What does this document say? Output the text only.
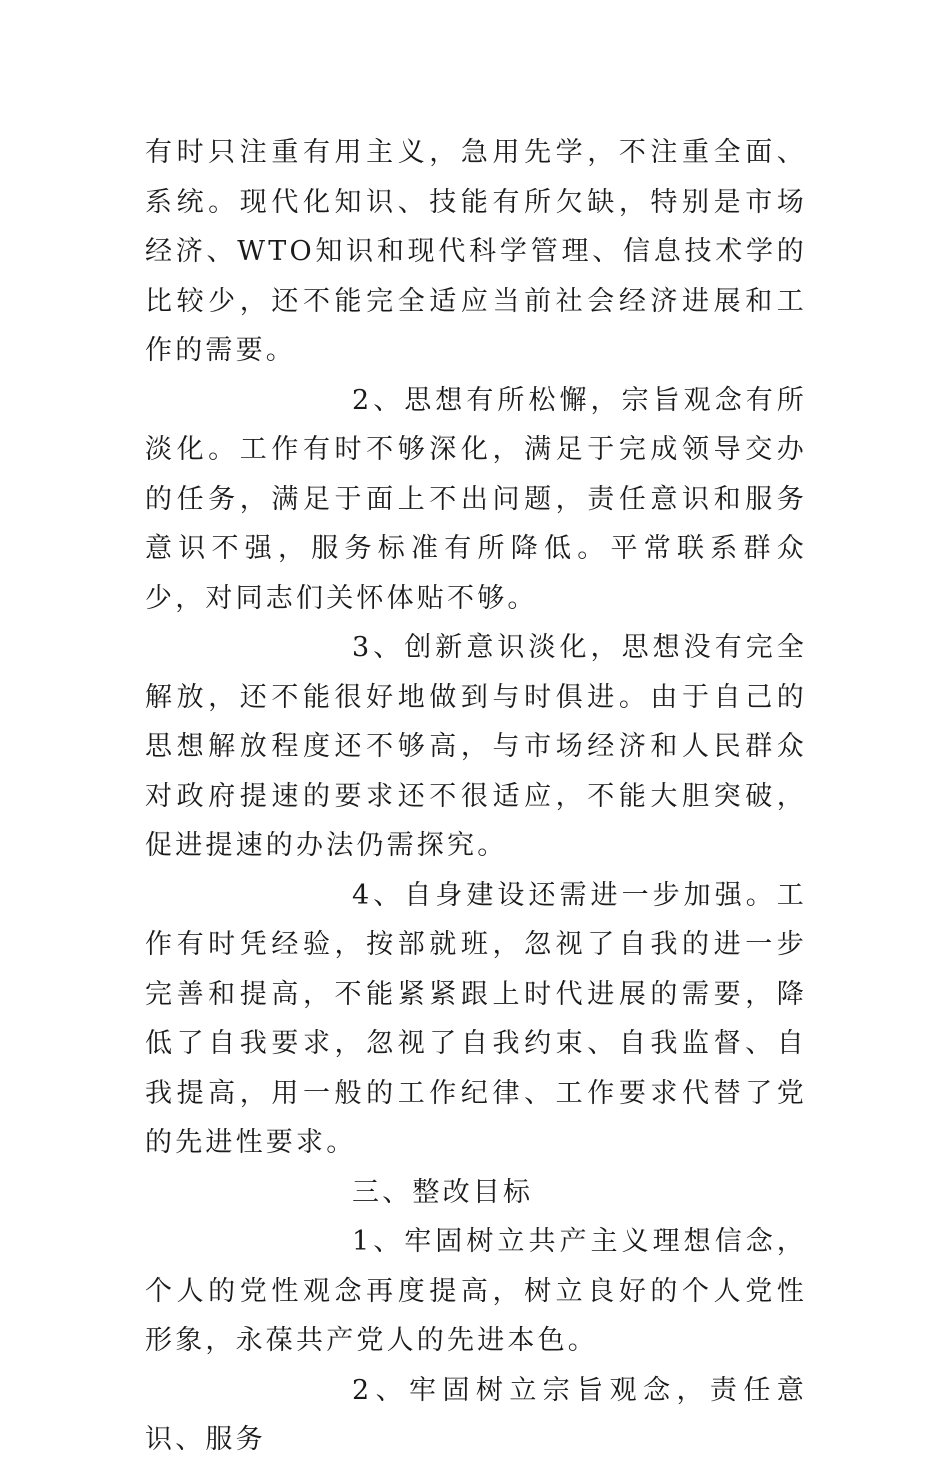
有时只注重有用主义，急用先学，不注重全面、系统。现代化知识、技能有所欠缺，特别是市场经济、WTO知识和现代科学管理、信息技术学的比较少，还不能完全适应当前社会经济进展和工作的需要。

2、思想有所松懈，宗旨观念有所淡化。工作有时不够深化，满足于完成领导交办的任务，满足于面上不出问题，责任意识和服务意识不强，服务标准有所降低。平常联系群众少，对同志们关怀体贴不够。

3、创新意识淡化，思想没有完全解放，还不能很好地做到与时俱进。由于自己的思想解放程度还不够高，与市场经济和人民群众对政府提速的要求还不很适应，不能大胆突破，促进提速的办法仍需探究。

4、自身建设还需进一步加强。工作有时凭经验，按部就班，忽视了自我的进一步完善和提高，不能紧紧跟上时代进展的需要，降低了自我要求，忽视了自我约束、自我监督、自我提高，用一般的工作纪律、工作要求代替了党的先进性要求。

三、整改目标

1、牢固树立共产主义理想信念，个人的党性观念再度提高，树立良好的个人党性形象，永葆共产党人的先进本色。

2、牢固树立宗旨观念，责任意识、服务
